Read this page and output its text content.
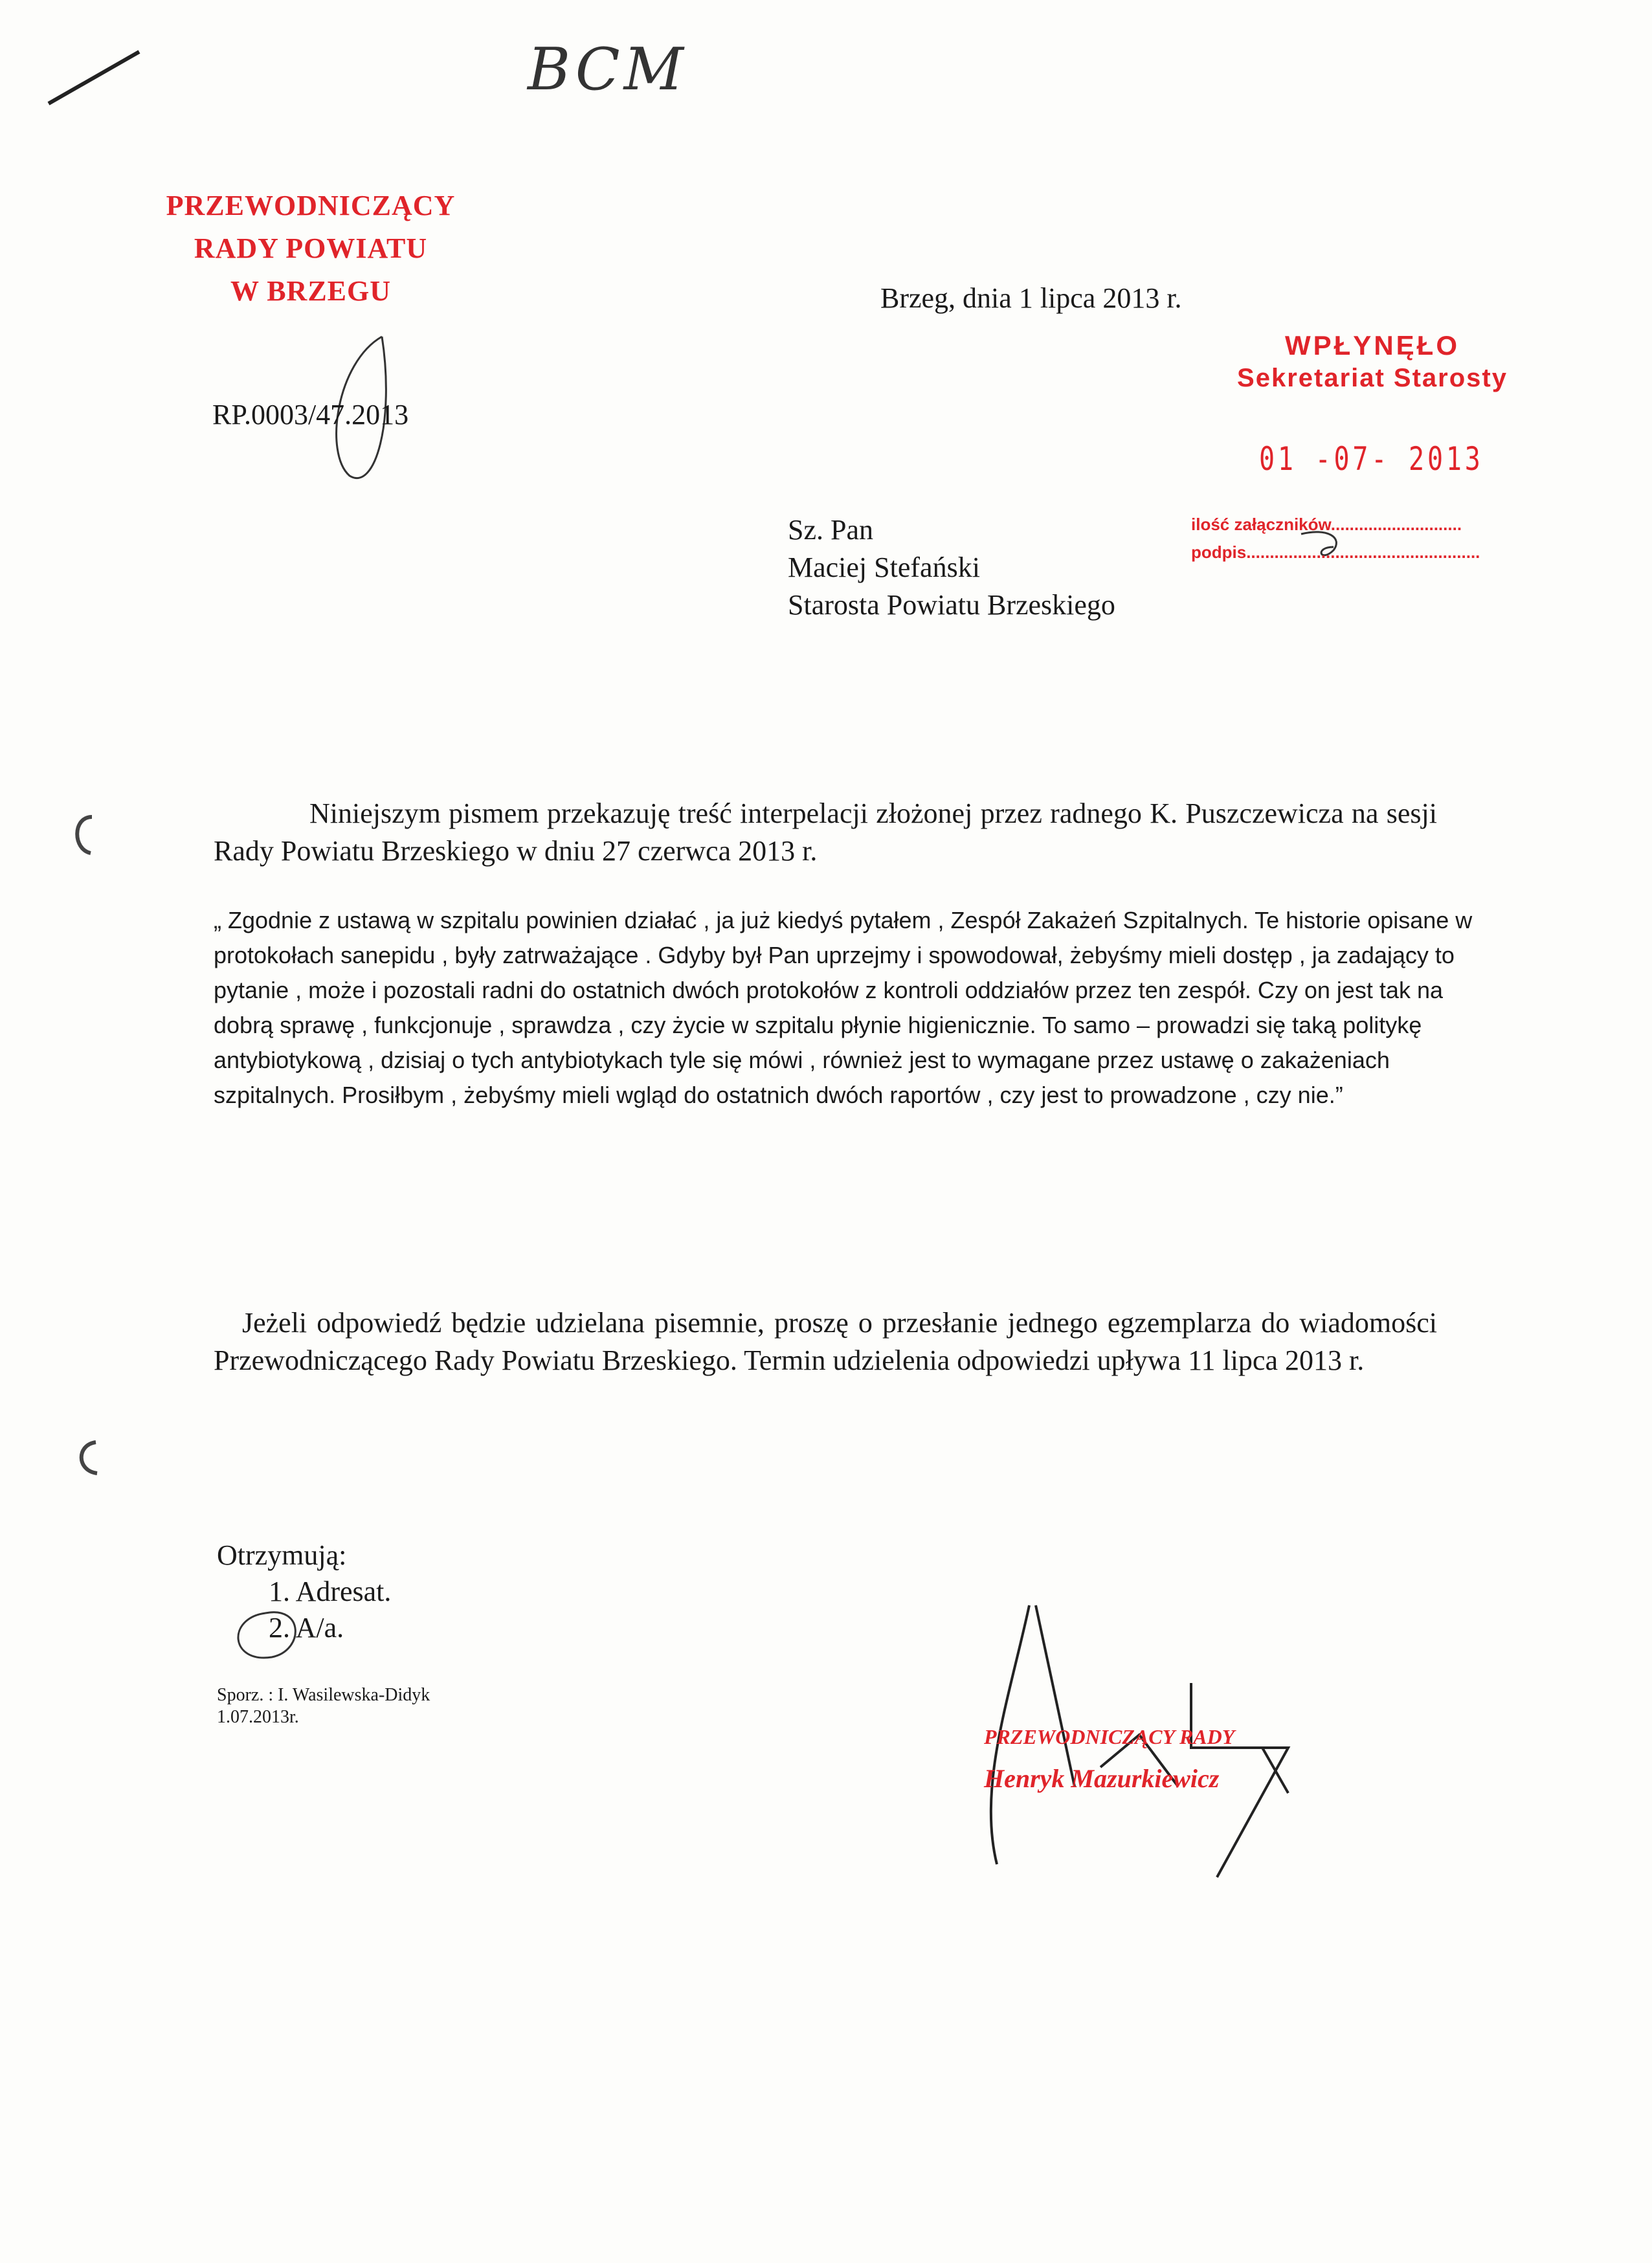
BCM
PRZEWODNICZĄCY
RADY POWIATU
W BRZEGU	Brzeg, dnia 1 lipca 2013 r.
RP.0003/47.2013
WPŁYNĘŁO
Sekretariat Starosty
01 -07- 2013
ilość załączników............................
podpis..................................................
Sz. Pan
Maciej Stefański
Starosta Powiatu Brzeskiego
Niniejszym pismem przekazuję treść interpelacji złożonej przez radnego K. Puszczewicza na sesji Rady Powiatu Brzeskiego w dniu 27 czerwca 2013 r.
„ Zgodnie z ustawą w szpitalu powinien działać , ja już kiedyś pytałem , Zespół Zakażeń Szpitalnych. Te historie opisane w protokołach sanepidu , były zatrważające . Gdyby był Pan uprzejmy i spowodował, żebyśmy mieli dostęp , ja zadający to pytanie , może i pozostali radni do ostatnich dwóch protokołów z kontroli oddziałów przez ten zespół. Czy on jest tak na dobrą sprawę , funkcjonuje , sprawdza , czy życie w szpitalu płynie higienicznie. To samo – prowadzi się taką politykę antybiotykową , dzisiaj o tych antybiotykach tyle się mówi , również jest to wymagane przez ustawę o zakażeniach szpitalnych. Prosiłbym , żebyśmy mieli wgląd do ostatnich dwóch raportów , czy jest to prowadzone , czy nie.”
Jeżeli odpowiedź będzie udzielana pisemnie, proszę o przesłanie jednego egzemplarza do wiadomości Przewodniczącego Rady Powiatu Brzeskiego. Termin udzielenia odpowiedzi upływa 11 lipca 2013 r.
Otrzymują:
1. Adresat.
2. A/a.
Sporz. : I. Wasilewska-Didyk
1.07.2013r.
PRZEWODNICZĄCY RADY
Henryk Mazurkiewicz
